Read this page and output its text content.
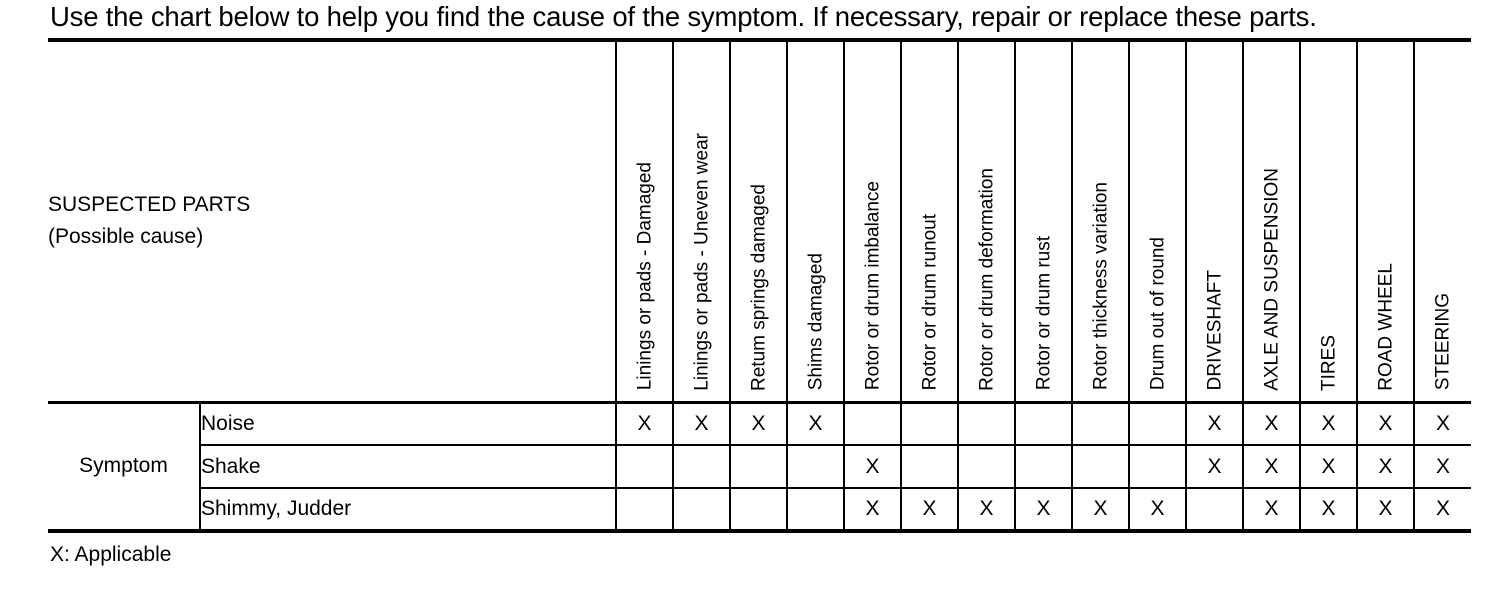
Use the chart below to help you find the cause of the symptom. If necessary, repair or replace these parts.
SUSPECTED PARTS
(Possible cause)		Linings or pads - Damaged	Linings or pads - Uneven wear	Retum springs damaged	Shims damaged	Rotor or drum imbalance	Rotor or drum runout	Rotor or drum deformation	Rotor or drum rust	Rotor thickness variation	Drum out of round	DRIVESHAFT	AXLE AND SUSPENSION	TIRES	ROAD WHEEL	STEERING

Symptom	Noise	X	X	X	X							X	X	X	X	X
	Shake					X						X	X	X	X	X
	Shimmy, Judder					X	X	X	X	X	X		X	X	X	X
X: Applicable
